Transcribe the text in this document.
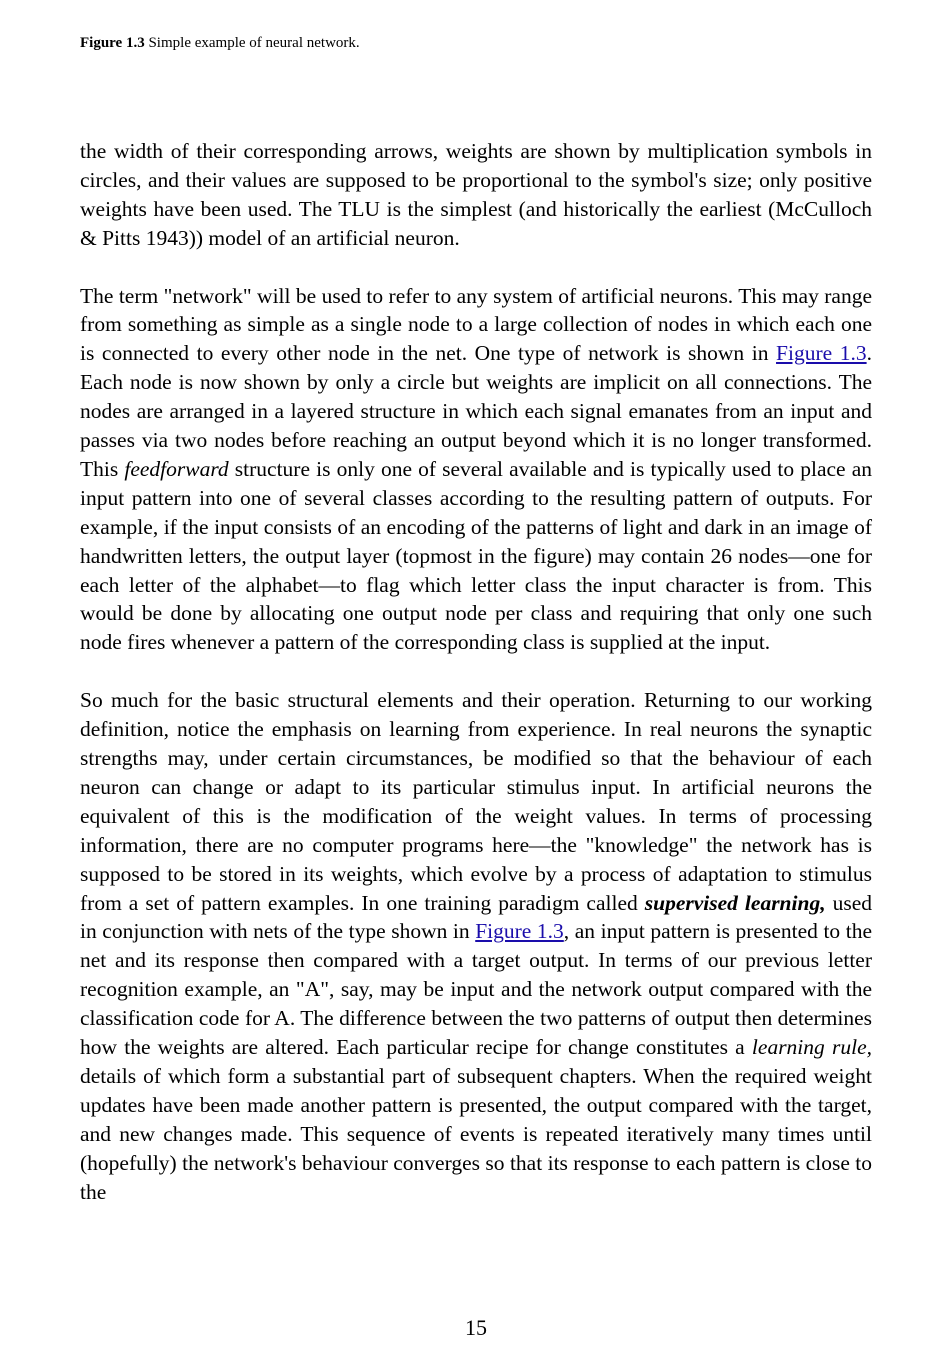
Figure 1.3 Simple example of neural network.

the width of their corresponding arrows, weights are shown by multiplication symbols in circles, and their values are supposed to be proportional to the symbol's size; only positive weights have been used. The TLU is the simplest (and historically the earliest (McCulloch & Pitts 1943)) model of an artificial neuron.

The term "network" will be used to refer to any system of artificial neurons. This may range from something as simple as a single node to a large collection of nodes in which each one is connected to every other node in the net. One type of network is shown in Figure 1.3. Each node is now shown by only a circle but weights are implicit on all connections. The nodes are arranged in a layered structure in which each signal emanates from an input and passes via two nodes before reaching an output beyond which it is no longer transformed. This feedforward structure is only one of several available and is typically used to place an input pattern into one of several classes according to the resulting pattern of outputs. For example, if the input consists of an encoding of the patterns of light and dark in an image of handwritten letters, the output layer (topmost in the figure) may contain 26 nodes—one for each letter of the alphabet—to flag which letter class the input character is from. This would be done by allocating one output node per class and requiring that only one such node fires whenever a pattern of the corresponding class is supplied at the input.

So much for the basic structural elements and their operation. Returning to our working definition, notice the emphasis on learning from experience. In real neurons the synaptic strengths may, under certain circumstances, be modified so that the behaviour of each neuron can change or adapt to its particular stimulus input. In artificial neurons the equivalent of this is the modification of the weight values. In terms of processing information, there are no computer programs here—the "knowledge" the network has is supposed to be stored in its weights, which evolve by a process of adaptation to stimulus from a set of pattern examples. In one training paradigm called supervised learning, used in conjunction with nets of the type shown in Figure 1.3, an input pattern is presented to the net and its response then compared with a target output. In terms of our previous letter recognition example, an "A", say, may be input and the network output compared with the classification code for A. The difference between the two patterns of output then determines how the weights are altered. Each particular recipe for change constitutes a learning rule, details of which form a substantial part of subsequent chapters. When the required weight updates have been made another pattern is presented, the output compared with the target, and new changes made. This sequence of events is repeated iteratively many times until (hopefully) the network's behaviour converges so that its response to each pattern is close to the

15
